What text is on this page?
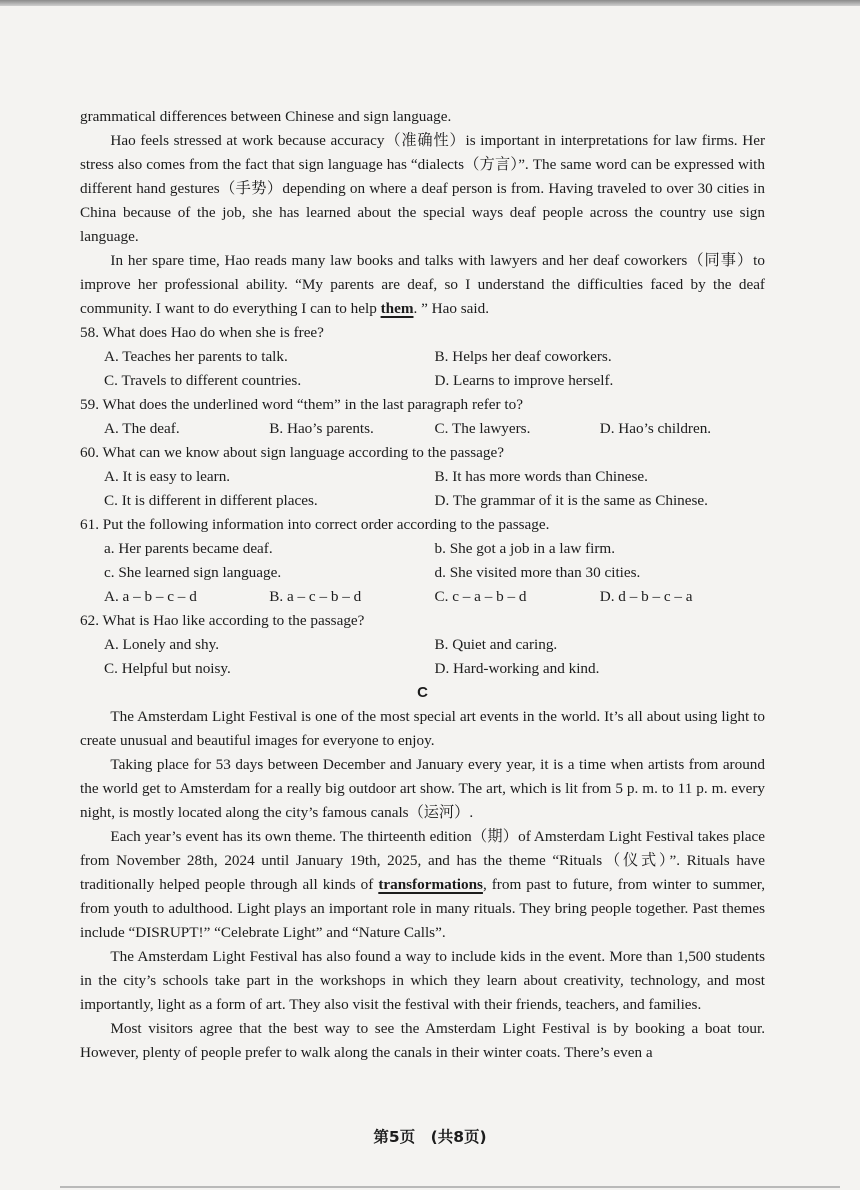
grammatical differences between Chinese and sign language.

Hao feels stressed at work because accuracy（准确性）is important in interpretations for law firms. Her stress also comes from the fact that sign language has “dialects（方言）”. The same word can be expressed with different hand gestures（手势）depending on where a deaf person is from. Having traveled to over 30 cities in China because of the job, she has learned about the special ways deaf people across the country use sign language.

In her spare time, Hao reads many law books and talks with lawyers and her deaf coworkers（同事）to improve her professional ability. “My parents are deaf, so I understand the difficulties faced by the deaf community. I want to do everything I can to help them. ” Hao said.

58. What does Hao do when she is free?

A. Teaches her parents to talk.	B. Helps her deaf coworkers.
C. Travels to different countries.	D. Learns to improve herself.

59. What does the underlined word “them” in the last paragraph refer to?

A. The deaf.	B. Hao’s parents.	C. The lawyers.	D. Hao’s children.

60. What can we know about sign language according to the passage?

A. It is easy to learn.	B. It has more words than Chinese.
C. It is different in different places.	D. The grammar of it is the same as Chinese.

61. Put the following information into correct order according to the passage.

a. Her parents became deaf.	b. She got a job in a law firm.
c. She learned sign language.	d. She visited more than 30 cities.
A. a – b – c – d	B. a – c – b – d	C. c – a – b – d	D. d – b – c – a

62. What is Hao like according to the passage?

A. Lonely and shy.	B. Quiet and caring.
C. Helpful but noisy.	D. Hard-working and kind.

C

The Amsterdam Light Festival is one of the most special art events in the world. It’s all about using light to create unusual and beautiful images for everyone to enjoy.

Taking place for 53 days between December and January every year, it is a time when artists from around the world get to Amsterdam for a really big outdoor art show. The art, which is lit from 5 p. m. to 11 p. m. every night, is mostly located along the city’s famous canals（运河）.

Each year’s event has its own theme. The thirteenth edition（期）of Amsterdam Light Festival takes place from November 28th, 2024 until January 19th, 2025, and has the theme “Rituals（仪式）”. Rituals have traditionally helped people through all kinds of transformations, from past to future, from winter to summer, from youth to adulthood. Light plays an important role in many rituals. They bring people together. Past themes include “DISRUPT!” “Celebrate Light” and “Nature Calls”.

The Amsterdam Light Festival has also found a way to include kids in the event. More than 1,500 students in the city’s schools take part in the workshops in which they learn about creativity, technology, and most importantly, light as a form of art. They also visit the festival with their friends, teachers, and families.

Most visitors agree that the best way to see the Amsterdam Light Festival is by booking a boat tour. However, plenty of people prefer to walk along the canals in their winter coats. There’s even a

第5页　(共8页)
